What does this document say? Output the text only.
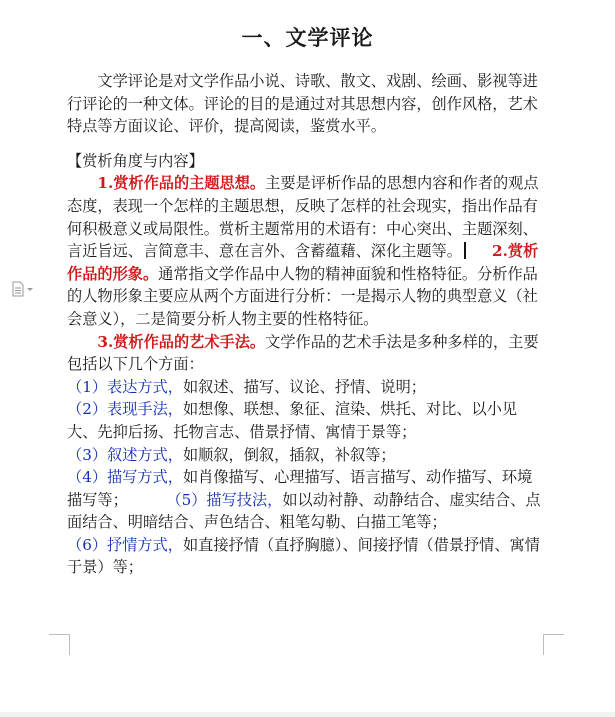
一、文学评论

文学评论是对文学作品小说、诗歌、散文、戏剧、绘画、影视等进行评论的一种文体。评论的目的是通过对其思想内容，创作风格，艺术特点等方面议论、评价，提高阅读，鉴赏水平。

【赏析角度与内容】

1.赏析作品的主题思想。主要是评析作品的思想内容和作者的观点态度，表现一个怎样的主题思想，反映了怎样的社会现实，指出作品有何积极意义或局限性。赏析主题常用的术语有：中心突出、主题深刻、言近旨远、言简意丰、意在言外、含蓄蕴藉、深化主题等。 2.赏析作品的形象。通常指文学作品中人物的精神面貌和性格特征。分析作品的人物形象主要应从两个方面进行分析：一是揭示人物的典型意义（社会意义），二是简要分析人物主要的性格特征。

3.赏析作品的艺术手法。文学作品的艺术手法是多种多样的，主要包括以下几个方面：

（1）表达方式，如叙述、描写、议论、抒情、说明；
（2）表现手法，如想像、联想、象征、渲染、烘托、对比、以小见大、先抑后扬、托物言志、借景抒情、寓情于景等；
（3）叙述方式，如顺叙，倒叙，插叙，补叙等；
（4）描写方式，如肖像描写、心理描写、语言描写、动作描写、环境描写等；	（5）描写技法，如以动衬静、动静结合、虚实结合、点面结合、明暗结合、声色结合、粗笔勾勒、白描工笔等；
（6）抒情方式，如直接抒情（直抒胸臆）、间接抒情（借景抒情、寓情于景）等；
